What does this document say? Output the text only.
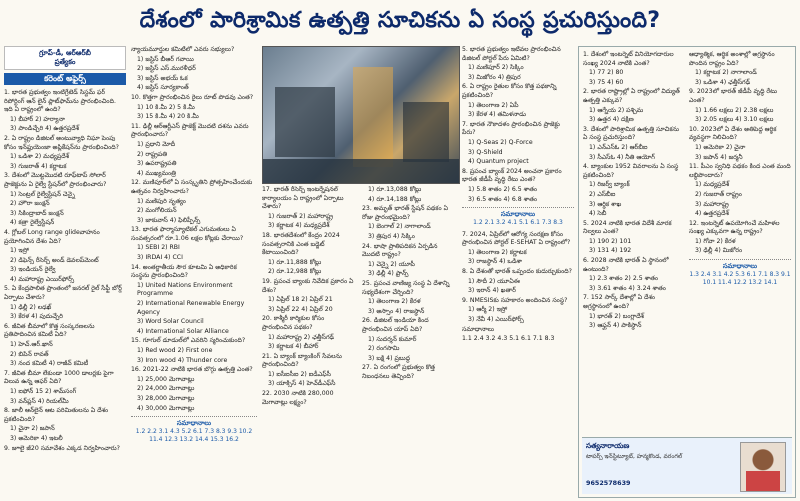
దేశంలో పారిశ్రామిక ఉత్పత్తి సూచికను ఏ సంస్థ ప్రచురిస్తుంది?
గ్రూప్‌-డీ, ఆర్‌ఆర్‌బీ
ప్రత్యేకం
కరెంట్‌ అఫైర్స్‌

1. భారత ప్రభుత్వం ఇంటిగ్రేటెడ్ సిస్టమ్ ఫర్ రిపోర్టింగ్ ఆన్ లైన్ ప్లాట్‌ఫామ్‌ను ప్రారంభించింది. ఇది ఏ రాష్ట్రంలో ఉంది?

1) బీహార్ 2) హర్యానా

3) పాండిచ్చేరి 4) ఉత్తరప్రదేశ్

2. ఏ రాష్ట్రం డిజిటల్ అంటువ్యాధి నిఘా పెంపు కోసం ఇన్‌ఫ్లుయెంజా అప్లికేషన్‌ను ప్రారంభించింది?

1) ఒడిశా 2) మధ్యప్రదేశ్

3) గుజరాత్ 4) కర్ణాటక

3. దేశంలో మొట్టమొదటి రూఫ్‌టాప్ సోలార్ ప్రాజెక్టును ఏ రైల్వే స్టేషన్‌లో ప్రారంభించారు?

1) సెంట్రల్ రైల్వేస్టేషన్ చెన్నై

2) హౌరా జంక్షన్

3) సికింద్రాబాద్ జంక్షన్

4) కత్రా రైల్వేస్టేషన్

4. గ్లోబల్ Long range glideవాహనం ప్రయోగించిన దేశం ఏది?

1) ఇస్రో

2) డిఫెన్స్ రీసెర్చ్ అండ్ డెవలప్‌మెంట్

3) ఇండియన్ రైల్వే

4) మహారాష్ట్ర ఎయిర్‌ఫోర్స్

5. ఏ కేంద్రపాలిత ప్రాంతంలో జనరల్ రైల్ సేఫ్టీ బోర్డ్ ఏర్పాటు చేశారు?

1) ఢిల్లీ 2) లఢఖ్

3) కేరళ 4) పుదుచ్చేరి

6. జీవిత బీమాలో కొత్త సంస్కరణలను ప్రతిపాదించిన కమిటీ ఏది?

1) హెచ్.ఆర్.ఖాన్

2) బిపిన్ రావత్

3) నంద కమిటీ 4) రాజీవ్ కమిటీ

7. జీవిత బీమా లేకుండా 1000 డాలర్లకు పైగా విలువ ఉన్న ఆఫర్ ఏది?

1) ఐఫోన్ 15 2) శామ్‌సంగ్

3) వన్‌ప్లస్ 4) రియల్‌మీ

8. జాలీ ఆన్‌లైన్ ఆట పరిమితులను ఏ దేశం ప్రకటించింది?

1) చైనా 2) జపాన్

3) అమెరికా 4) ఇటలీ

9. జూలై జీ20 సమావేశం ఎక్కడ నిర్వహించారు?

న్యాయమూర్తుల కమిటీలో ఎవరు సభ్యులు?

1) జస్టిస్ బీఆర్ గవాయి

2) జస్టిస్ ఎస్.మురళీధర్

3) జస్టిస్ అభయ్ ఓక

4) జస్టిస్ సూర్యకాంత్

10. కొత్తగా ప్రారంభించిన రైలు రూట్ పొడవు ఎంత?

1) 10 కి.మీ 2) 5 కి.మీ

3) 15 కి.మీ 4) 20 కి.మీ

11. ఢిల్లీ ఆర్ఆర్టీఎస్ ప్రాజెక్ట్ మొదటి దశను ఎవరు ప్రారంభించారు?

1) ప్రధాని మోదీ

2) రాష్ట్రపతి

3) ఉపరాష్ట్రపతి

4) ముఖ్యమంత్రి

12. మణిపూర్‌లో ఏ సంస్కృతిని ప్రోత్సహించేందుకు ఉత్సవం నిర్వహించారు?

1) మణిపురి నృత్యం

2) మంగోలియన్

3) జాకువాస్ 4) ఫిలిప్పీన్స్

13. భారత ఫార్మాస్యూటికల్ ఎగుమతులు ఏ సంవత్సరంలో రూ.1.06 లక్షల కోట్లకు చేరాయి?

1) SEBI 2) RBI

3) IRDAI 4) CCI

14. అంతర్జాతీయ సౌర కూటమి ఏ అధికారిక సంస్థను ప్రారంభించింది?

1) United Nations Environment Programme

2) International Renewable Energy Agency

3) Word Solar Council

4) International Solar Alliance

15. గూగుల్ డూడుల్‌లో ఎవరిని స్మరించుకుంది?

1) Red wood 2) First one

3) Iron wood 4) Thunder core

16. 2021-22 నాటికి భారత బొగ్గు ఉత్పత్తి ఎంత?

1) 25,000 మెగావాట్లు

2) 24,000 మెగావాట్లు

3) 28,000 మెగావాట్లు

4) 30,000 మెగావాట్లు

సమాధానాలు
1.2 2.2 3.1 4.3 5.2 6.1 7.3 8.3 9.3 10.2 11.4 12.3 13.2 14.4 15.3 16.2

17. భారత్ రీసెర్చ్ ఇంటర్నేషనల్ కార్యాలయం ఏ రాష్ట్రంలో ఏర్పాటు చేశారు?

1) గుజరాత్ 2) మహారాష్ట్ర

3) కర్ణాటక 4) మధ్యప్రదేశ్

18. భారతదేశంలో కేంద్రం 2024 సంవత్సరానికి ఎంత బడ్జెట్ కేటాయించింది?

1) రూ.11,888 కోట్లు

2) రూ.12,988 కోట్లు

19. ప్రపంచ బ్యాంకు నివేదిక ప్రకారం ఏ దేశం?

1) ఏప్రిల్ 18 2) ఏప్రిల్ 21

3) ఏప్రిల్ 22 4) ఏప్రిల్ 20

20. కాశ్మీరీ కార్మికుల కోసం ప్రారంభించిన పథకం?

1) మహారాష్ట్ర 2) ఛత్తీస్‌గఢ్

3) కర్ణాటక 4) బీహార్

21. ఏ బ్యాంక్ బ్యాంకింగ్ సేవలను ప్రారంభించింది?

1) ఐసీఐసీఐ 2) ఐడీఎఫ్‌సీ

3) యాక్సిస్ 4) హెచ్‌డీఎఫ్‌సీ

22. 2030 నాటికి 280,000 మెగావాట్లు లక్ష్యం?

1) రూ.13,088 కోట్లు

4) రూ.14,188 కోట్లు

23. అమృత్ భారత్ స్టేషన్ పథకం ఏ రోజు ప్రారంభమైంది?

1) బెంగాల్ 2) నాగాలాండ్

3) త్రిపుర 4) సిక్కిం

24. భాషా ప్రాతిపదికన ఏర్పడిన మొదటి రాష్ట్రం?

1) చెన్నై 2) యూపీ

3) ఢిల్లీ 4) ఫ్రాన్స్

25. ప్రపంచ వాణిజ్య సంస్థ ఏ దేశాన్ని సభ్యదేశంగా చేర్చింది?

1) తెలంగాణ 2) కేరళ

3) అస్సాం 4) రాజస్థాన్

26. డిజిటల్ ఇండియా కింద ప్రారంభించిన యాప్ ఏది?

1) సుదర్శన్ కుమార్

2) రంగసామి

3) బక్షి 4) ప్రబుద్ధ

27. ఏ రంగంలో ప్రభుత్వం కొత్త నిబంధనలు తెచ్చింది?

5. భారత ప్రభుత్వం ఇటీవల ప్రారంభించిన డిజిటల్ పోర్టల్ పేరు ఏమిటి?

1) మణిపూర్ 2) సిక్కిం

3) మిజోరం 4) త్రిపుర

6. ఏ రాష్ట్రం రైతుల కోసం కొత్త పథకాన్ని ప్రకటించింది?

1) తెలంగాణ 2) ఏపీ

3) కేరళ 4) తమిళనాడు

7. భారత నౌకాదళం ప్రారంభించిన ప్రాజెక్టు పేరు?

1) Q-Seas 2) Q-Force

3) Q-Shield

4) Quantum project

8. ప్రపంచ బ్యాంక్ 2024 అంచనా ప్రకారం భారత జీడీపీ వృద్ధి రేటు ఎంత?

1) 5.8 శాతం 2) 6.5 శాతం

3) 6.5 శాతం 4) 6.8 శాతం

సమాధానాలు
1.2 2.1 3.2 4.1 5.1 6.1 7.3 8.3

7. 2024, ఏప్రిల్‌లో ఆరోగ్య సంరక్షణ కోసం ప్రారంభించిన పోర్టల్ E-SEHAT ఏ రాష్ట్రంలో?

1) తెలంగాణ 2) కర్ణాటక

3) రాజస్థాన్ 4) ఒడిశా

8. ఏ దేశంతో భారత్ ఒప్పందం కుదుర్చుకుంది?

1) సౌదీ 2) యూఏఈ

3) ఇరాన్ 4) ఖతార్

9. NMESISకు సహకారం అందించిన సంస్థ?

1) ఆర్మీ 2) ఇస్రో

3) నేవీ 4) ఎయిర్‌ఫోర్స్

సమాధానాలు

1.1 2.4 3.2 4.3 5.1 6.1 7.1 8.3

1. దేశంలో ఇంటర్నెట్ వినియోగదారుల సంఖ్య 2024 నాటికి ఎంత?

1) 77 2) 80

3) 75 4) 60

2. భారత రాష్ట్రాల్లో ఏ రాష్ట్రంలో విద్యుత్ ఉత్పత్తి ఎక్కువ?

1) ఆగ్నేయ 2) పశ్చిమ

3) ఉత్తర 4) దక్షిణ

3. దేశంలో పారిశ్రామిక ఉత్పత్తి సూచికను ఏ సంస్థ ప్రచురిస్తుంది?

1) ఎన్ఎస్ఓ 2) ఆర్‌బీఐ

3) సీఎస్ఓ 4) నీతి ఆయోగ్

4. బ్యాంకుల 1952 వివరాలను ఏ సంస్థ ప్రకటించింది?

1) రిజర్వ్ బ్యాంక్

2) ఎస్‌బీఐ

3) ఆర్థిక శాఖ

4) సెబీ

5. 2024 నాటికి భారత విదేశీ మారక నిల్వలు ఎంత?

1) 190 2) 101

3) 131 4) 192

6. 2028 నాటికి భారత్ ఏ స్థానంలో ఉంటుంది?

1) 2.3 శాతం 2) 2.5 శాతం

3) 3.61 శాతం 4) 3.24 శాతం

7. 152 సార్క్ దేశాల్లో ఏ దేశం అగ్రస్థానంలో ఉంది?

1) భారత్ 2) బంగ్లాదేశ్

3) ఆఫ్ఘన్ 4) పాకిస్థాన్

ఆధ్యాత్మిక, ఆర్థిక అంశాల్లో అగ్రస్థానం పొందిన రాష్ట్రం ఏది?

1) కర్ణాటక 2) నాగాలాండ్

3) ఒడిశా 4) ఛత్తీస్‌గఢ్

9. 2023లో భారత్ జీడీపీ వృద్ధి రేటు ఎంత?

1) 1.66 లక్షలు 2) 2.38 లక్షలు

3) 2.05 లక్షలు 4) 3.10 లక్షలు

10. 2023లో ఏ దేశం అతిపెద్ద ఆర్థిక వ్యవస్థగా నిలిచింది?

1) అమెరికా 2) చైనా

3) జపాన్ 4) జర్మనీ

11. పీఎం స్వనిధి పథకం కింద ఎంత మంది లబ్ధిపొందారు?

1) మధ్యప్రదేశ్

2) గుజరాత్ రాష్ట్రం

3) మహారాష్ట్ర

4) ఉత్తరప్రదేశ్

12. ఇంటర్నెట్ ఉపయోగించే మహిళల సంఖ్య ఎక్కువగా ఉన్న రాష్ట్రం?

1) గోవా 2) కేరళ

3) ఢిల్లీ 4) మిజోరం

సమాధానాలు
1.3 2.4 3.1 4.2 5.3 6.1 7.1 8.3 9.1 10.1 11.4 12.2 13.2 14.1
సత్యనారాయణ
టాపర్స్‌ ఇన్‌స్టిట్యూట్‌, హన్మకొండ, వరంగల్‌
9652578639
